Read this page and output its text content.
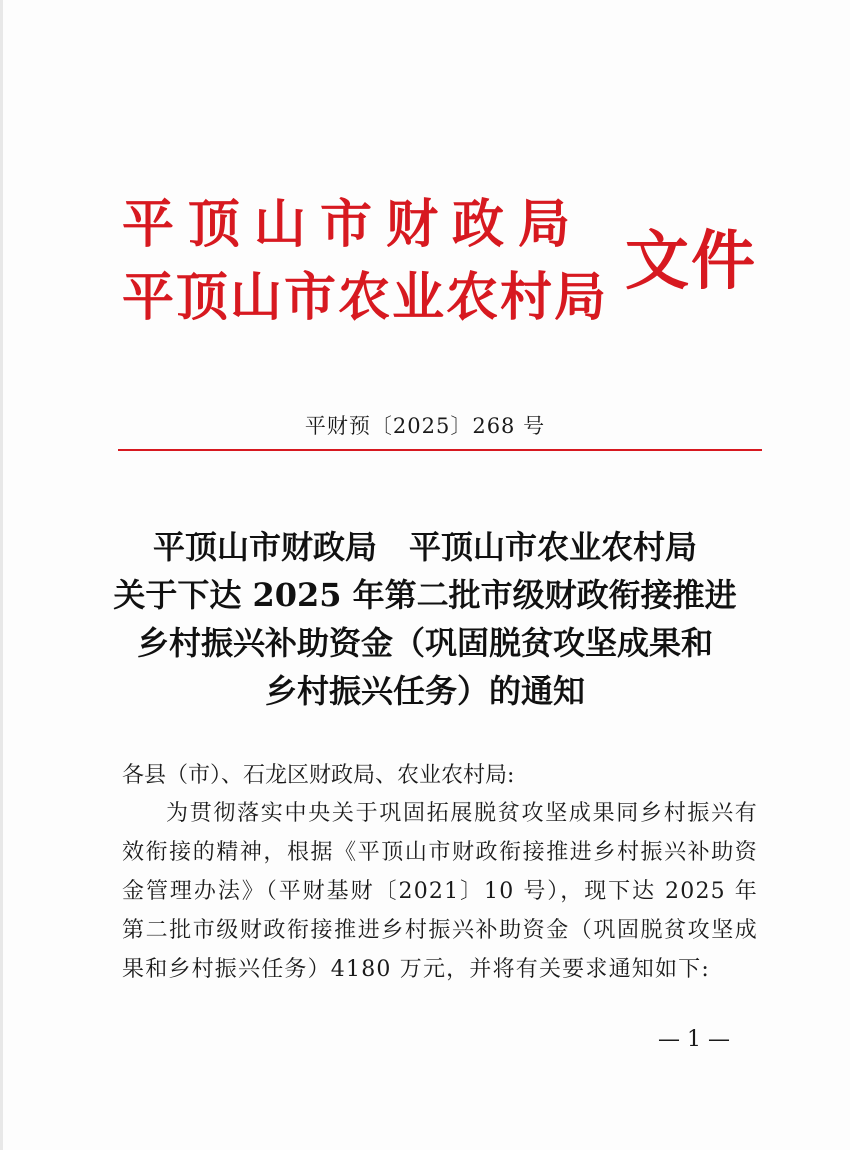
平顶山市财政局
平顶山市农业农村局 文件
平财预〔2025〕268 号
平顶山市财政局　平顶山市农业农村局
关于下达 2025 年第二批市级财政衔接推进
乡村振兴补助资金（巩固脱贫攻坚成果和
乡村振兴任务）的通知
各县（市）、石龙区财政局、农业农村局:
为贯彻落实中央关于巩固拓展脱贫攻坚成果同乡村振兴有效衔接的精神，根据《平顶山市财政衔接推进乡村振兴补助资金管理办法》（平财基财〔2021〕10 号），现下达 2025 年第二批市级财政衔接推进乡村振兴补助资金（巩固脱贫攻坚成果和乡村振兴任务）4180 万元，并将有关要求通知如下:
— 1 —
